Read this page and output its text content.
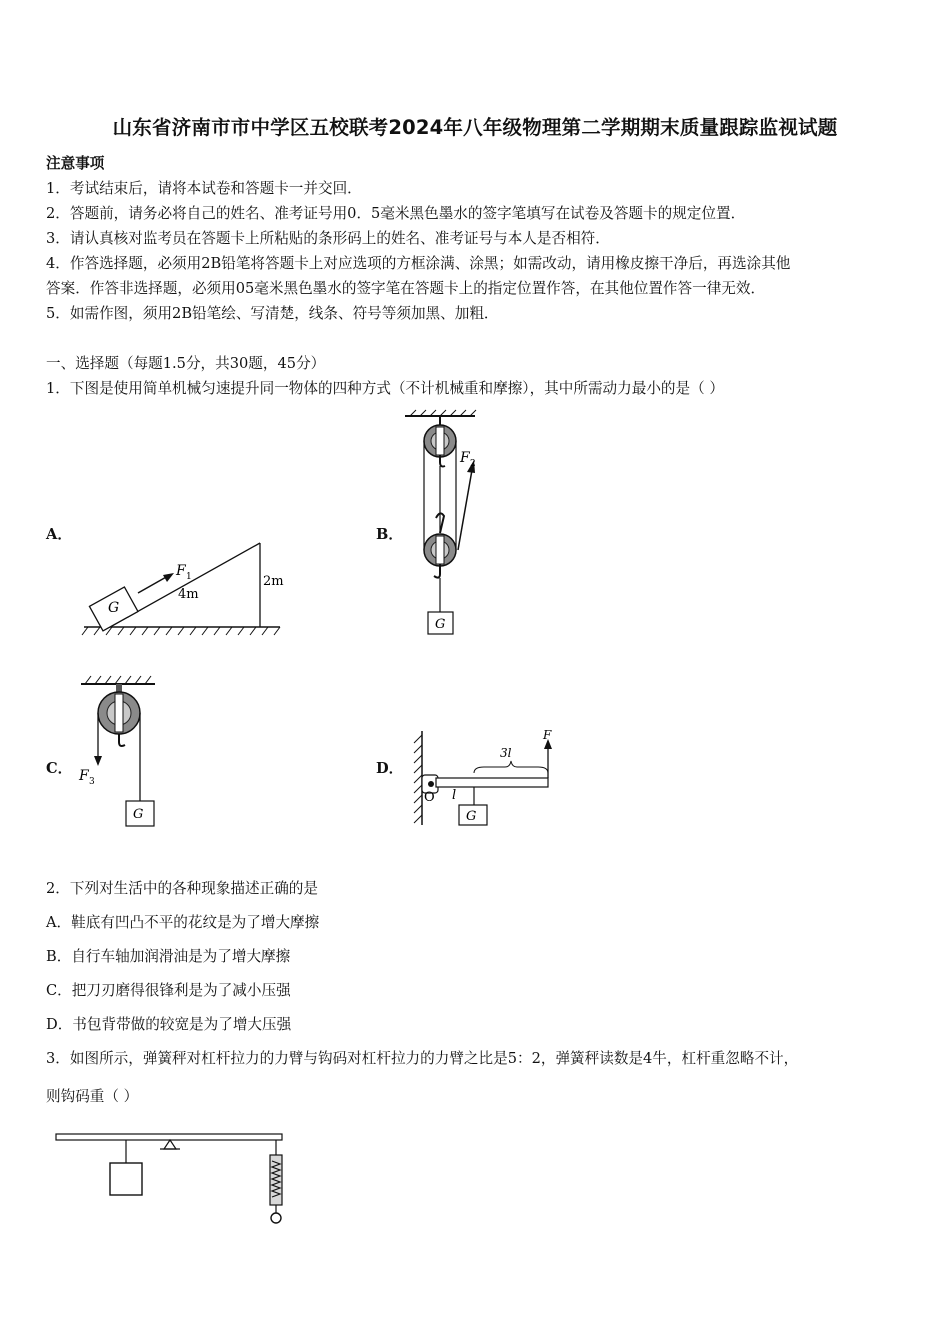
山东省济南市市中学区五校联考2024年八年级物理第二学期期末质量跟踪监视试题
注意事项
1．考试结束后，请将本试卷和答题卡一并交回．
2．答题前，请务必将自己的姓名、准考证号用0．5毫米黑色墨水的签字笔填写在试卷及答题卡的规定位置．
3．请认真核对监考员在答题卡上所粘贴的条形码上的姓名、准考证号与本人是否相符．
4．作答选择题，必须用2B铅笔将答题卡上对应选项的方框涂满、涂黑；如需改动，请用橡皮擦干净后，再选涂其他
答案．作答非选择题，必须用05毫米黑色墨水的签字笔在答题卡上的指定位置作答，在其他位置作答一律无效．
5．如需作图，须用2B铅笔绘、写清楚，线条、符号等须加黑、加粗．
一、选择题（每题1.5分，共30题，45分）
1．下图是使用简单机械匀速提升同一物体的四种方式（不计机械重和摩擦），其中所需动力最小的是（ ）
A．	B．
C．	D．
G
F 1
4m
2m
F 2
G
F 3
G
F
3l
G
O l
2．下列对生活中的各种现象描述正确的是
A．鞋底有凹凸不平的花纹是为了增大摩擦
B．自行车轴加润滑油是为了增大摩擦
C．把刀刃磨得很锋利是为了减小压强
D．书包背带做的较宽是为了增大压强
3．如图所示，弹簧秤对杠杆拉力的力臂与钩码对杠杆拉力的力臂之比是5：2，弹簧秤读数是4牛，杠杆重忽略不计，
则钩码重（ ）
